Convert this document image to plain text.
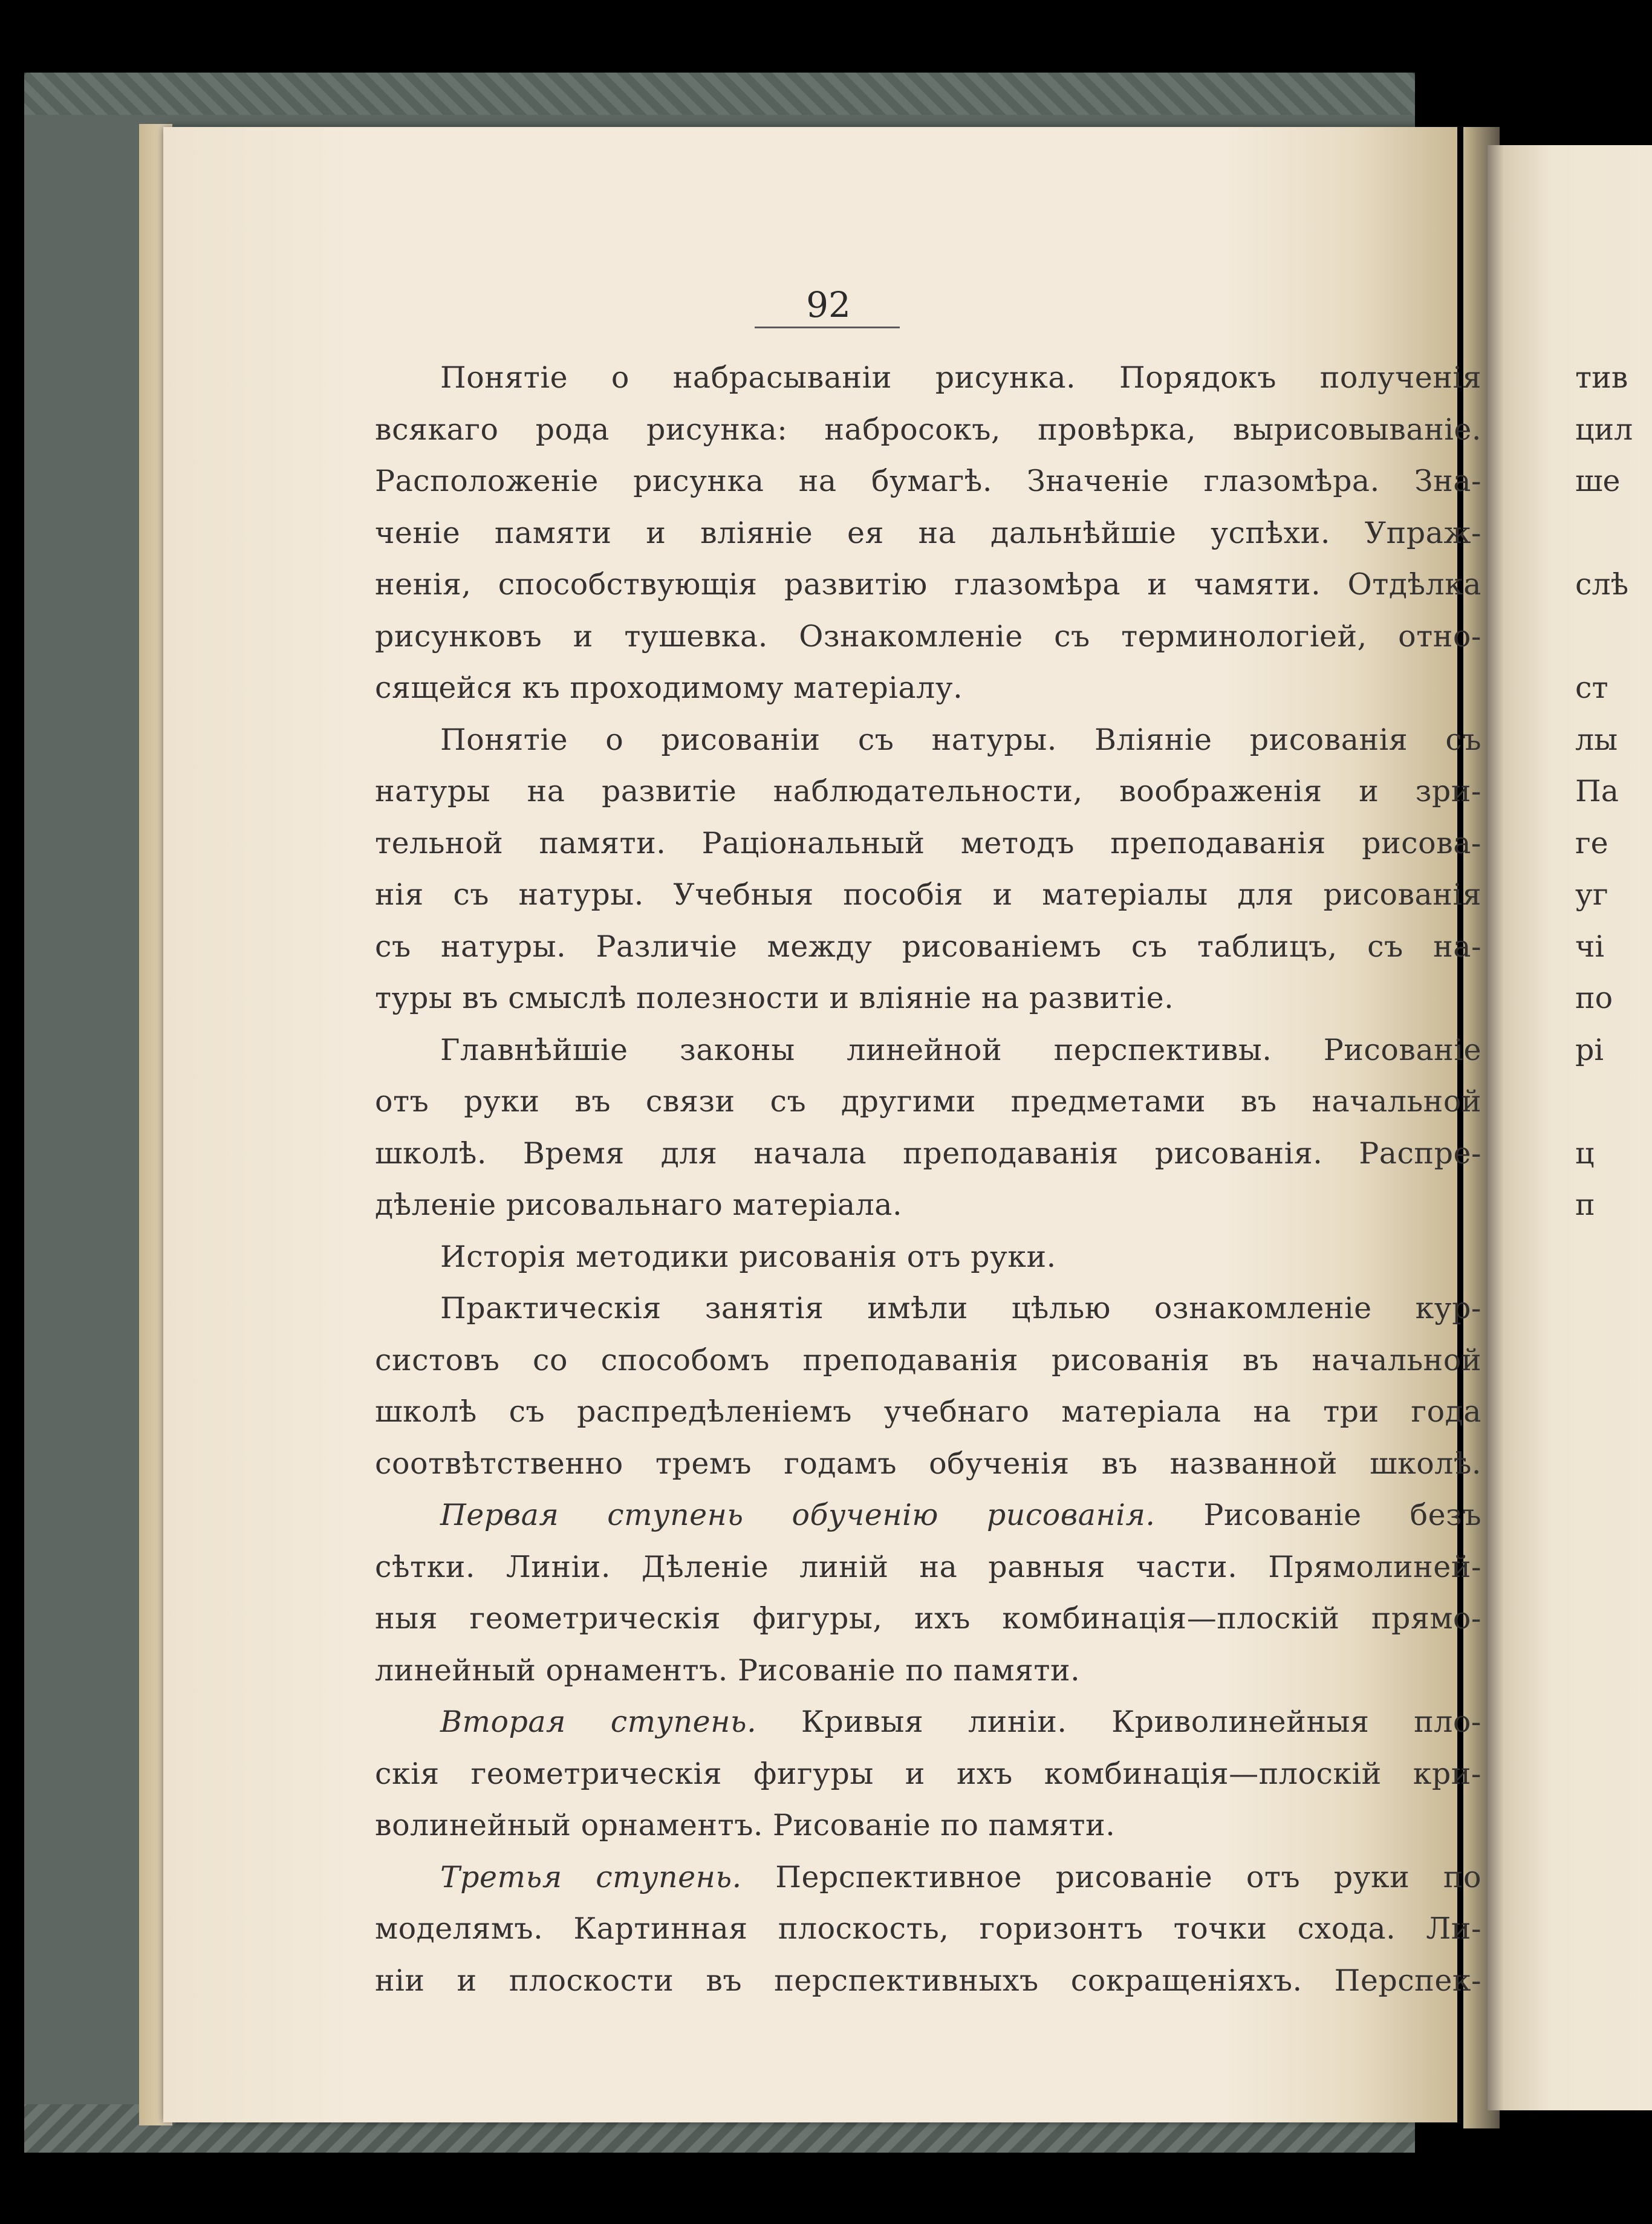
92
Понятіе о набрасываніи рисунка. Порядокъ полученія
всякаго рода рисунка: набросокъ, провѣрка, вырисовываніе.
Расположеніе рисунка на бумагѣ. Значеніе глазомѣра. Зна-
ченіе памяти и вліяніе ея на дальнѣйшіе успѣхи. Упраж-
ненія, способствующія развитію глазомѣра и чамяти. Отдѣлка
рисунковъ и тушевка. Ознакомленіе съ терминологіей, отно-
сящейся къ проходимому матеріалу.
Понятіе о рисованіи съ натуры. Вліяніе рисованія съ
натуры на развитіе наблюдательности, воображенія и зри-
тельной памяти. Раціональный методъ преподаванія рисова-
нія съ натуры. Учебныя пособія и матеріалы для рисованія
съ натуры. Различіе между рисованіемъ съ таблицъ, съ на-
туры въ смыслѣ полезности и вліяніе на развитіе.
Главнѣйшіе законы линейной перспективы. Рисованіе
отъ руки въ связи съ другими предметами въ начальной
школѣ. Время для начала преподаванія рисованія. Распре-
дѣленіе рисовальнаго матеріала.
Исторія методики рисованія отъ руки.
Практическія занятія имѣли цѣлью ознакомленіе кур-
систовъ со способомъ преподаванія рисованія въ начальной
школѣ съ распредѣленіемъ учебнаго матеріала на три года
соотвѣтственно тремъ годамъ обученія въ названной школѣ.
Первая ступень обученію рисованія. Рисованіе безъ
сѣтки. Линіи. Дѣленіе линій на равныя части. Прямолиней-
ныя геометрическія фигуры, ихъ комбинація—плоскій прямо-
линейный орнаментъ. Рисованіе по памяти.
Вторая ступень. Кривыя линіи. Криволинейныя пло-
скія геометрическія фигуры и ихъ комбинація—плоскій кри-
волинейный орнаментъ. Рисованіе по памяти.
Третья ступень. Перспективное рисованіе отъ руки по
моделямъ. Картинная плоскость, горизонтъ точки схода. Ли-
ніи и плоскости въ перспективныхъ сокращеніяхъ. Перспек-
тив
цил
ше

слѣ

ст
лы
Па
ге
уг
чі
по
рі

ц
п
